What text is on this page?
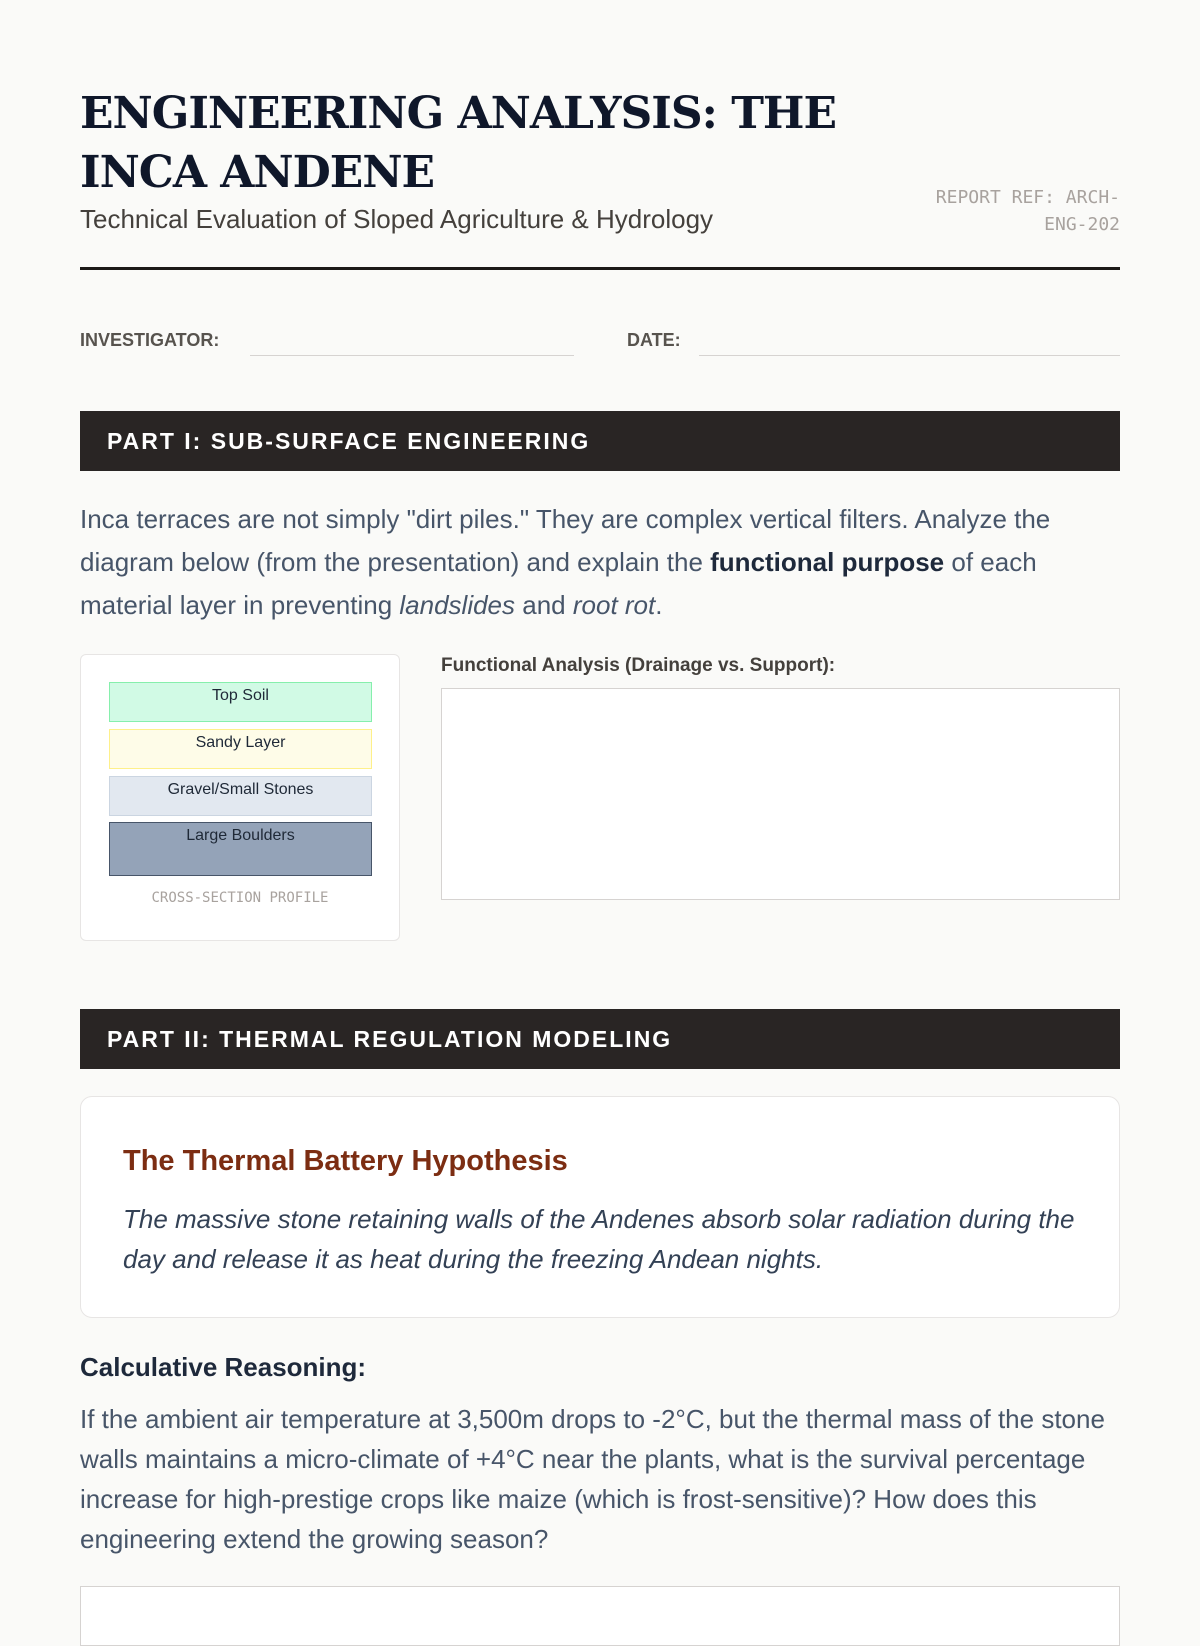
ENGINEERING ANALYSIS: THE INCA ANDENE
Technical Evaluation of Sloped Agriculture & Hydrology
REPORT REF: ARCH-ENG-202
INVESTIGATOR:	DATE:
PART I: SUB-SURFACE ENGINEERING

Inca terraces are not simply "dirt piles." They are complex vertical filters. Analyze the diagram below (from the presentation) and explain the functional purpose of each material layer in preventing landslides and root rot.

Top Soil
Sandy Layer
Gravel/Small Stones
Large Boulders
CROSS-SECTION PROFILE
Functional Analysis (Drainage vs. Support):
PART II: THERMAL REGULATION MODELING
The Thermal Battery Hypothesis

The massive stone retaining walls of the Andenes absorb solar radiation during the day and release it as heat during the freezing Andean nights.

Calculative Reasoning:

If the ambient air temperature at 3,500m drops to -2°C, but the thermal mass of the stone walls maintains a micro-climate of +4°C near the plants, what is the survival percentage increase for high-prestige crops like maize (which is frost-sensitive)? How does this engineering extend the growing season?
